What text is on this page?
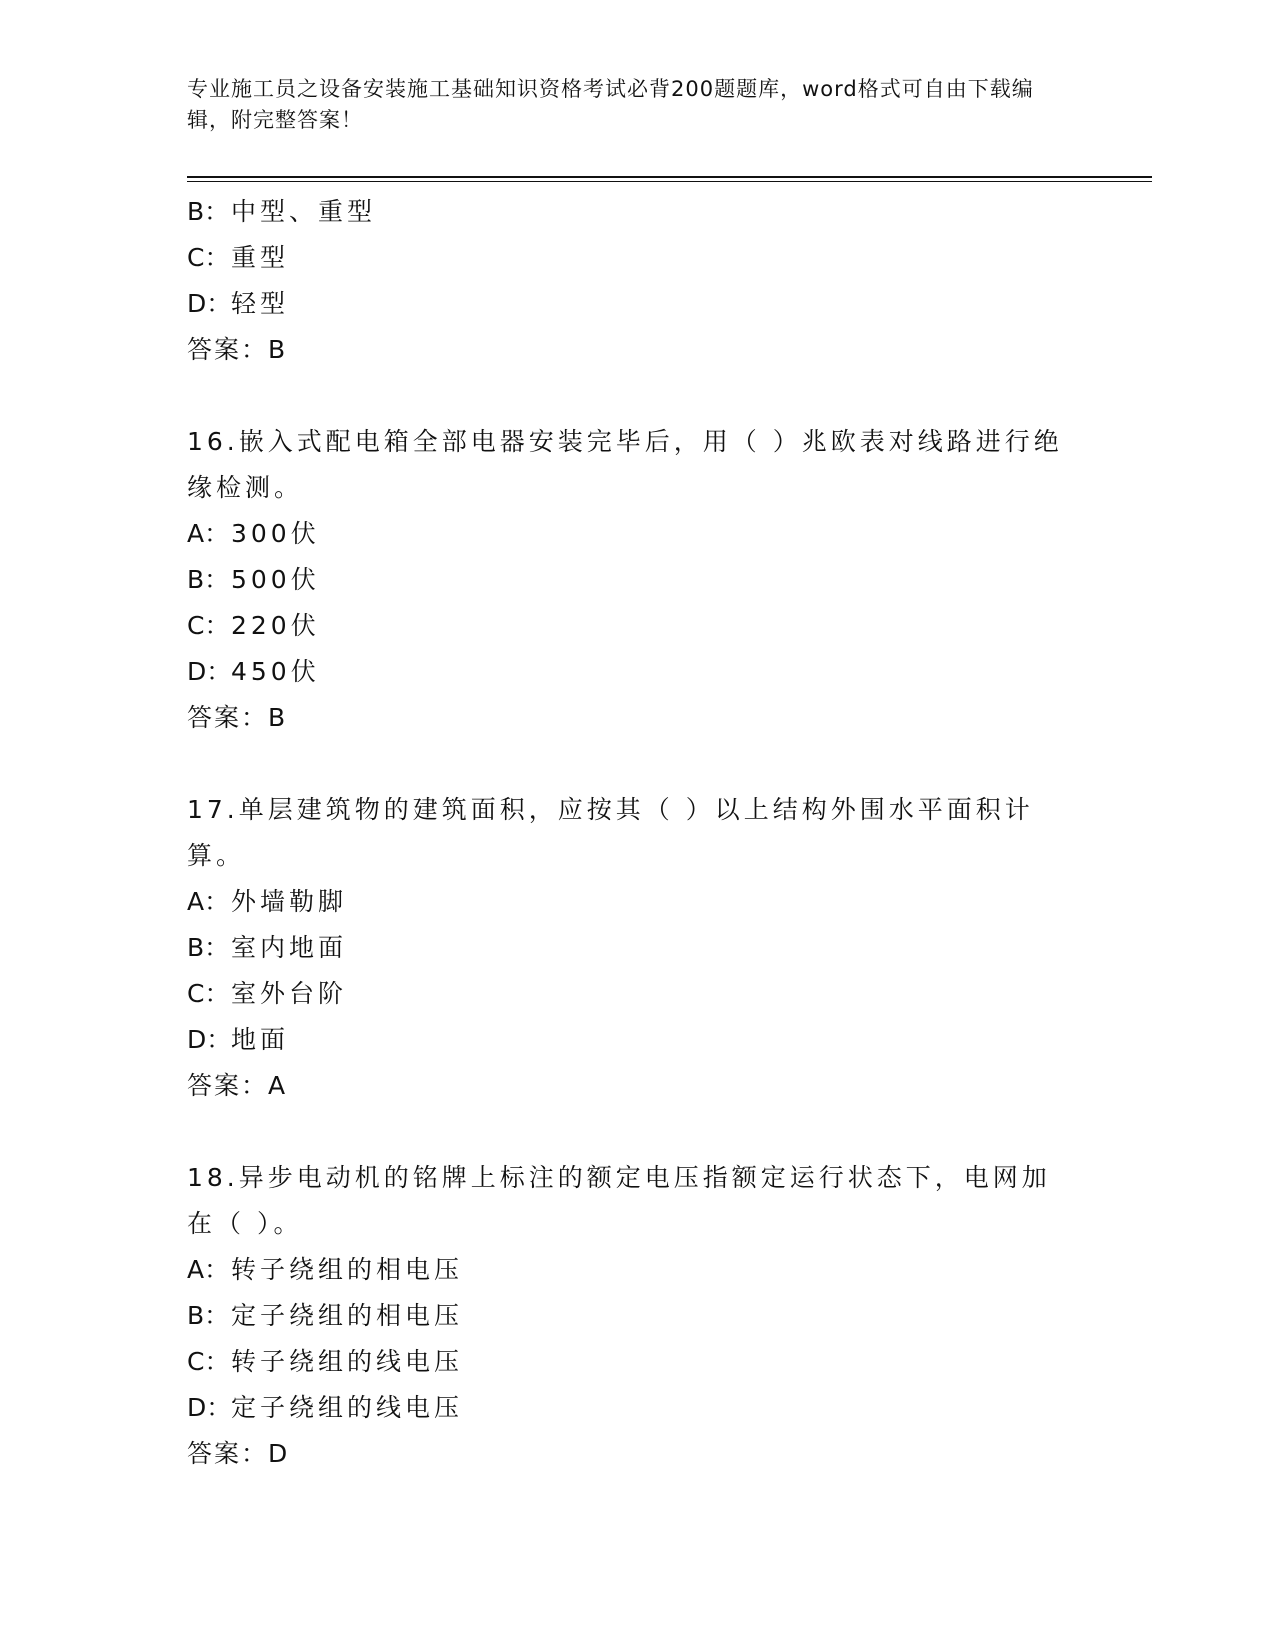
专业施工员之设备安装施工基础知识资格考试必背200题题库，word格式可自由下载编辑，附完整答案！
B：中型、重型
C：重型
D：轻型
答案：B
16.嵌入式配电箱全部电器安装完毕后，用（ ）兆欧表对线路进行绝缘检测。
A：300伏
B：500伏
C：220伏
D：450伏
答案：B
17.单层建筑物的建筑面积，应按其（ ）以上结构外围水平面积计算。
A：外墙勒脚
B：室内地面
C：室外台阶
D：地面
答案：A
18.异步电动机的铭牌上标注的额定电压指额定运行状态下，电网加在（ ）。
A：转子绕组的相电压
B：定子绕组的相电压
C：转子绕组的线电压
D：定子绕组的线电压
答案：D
